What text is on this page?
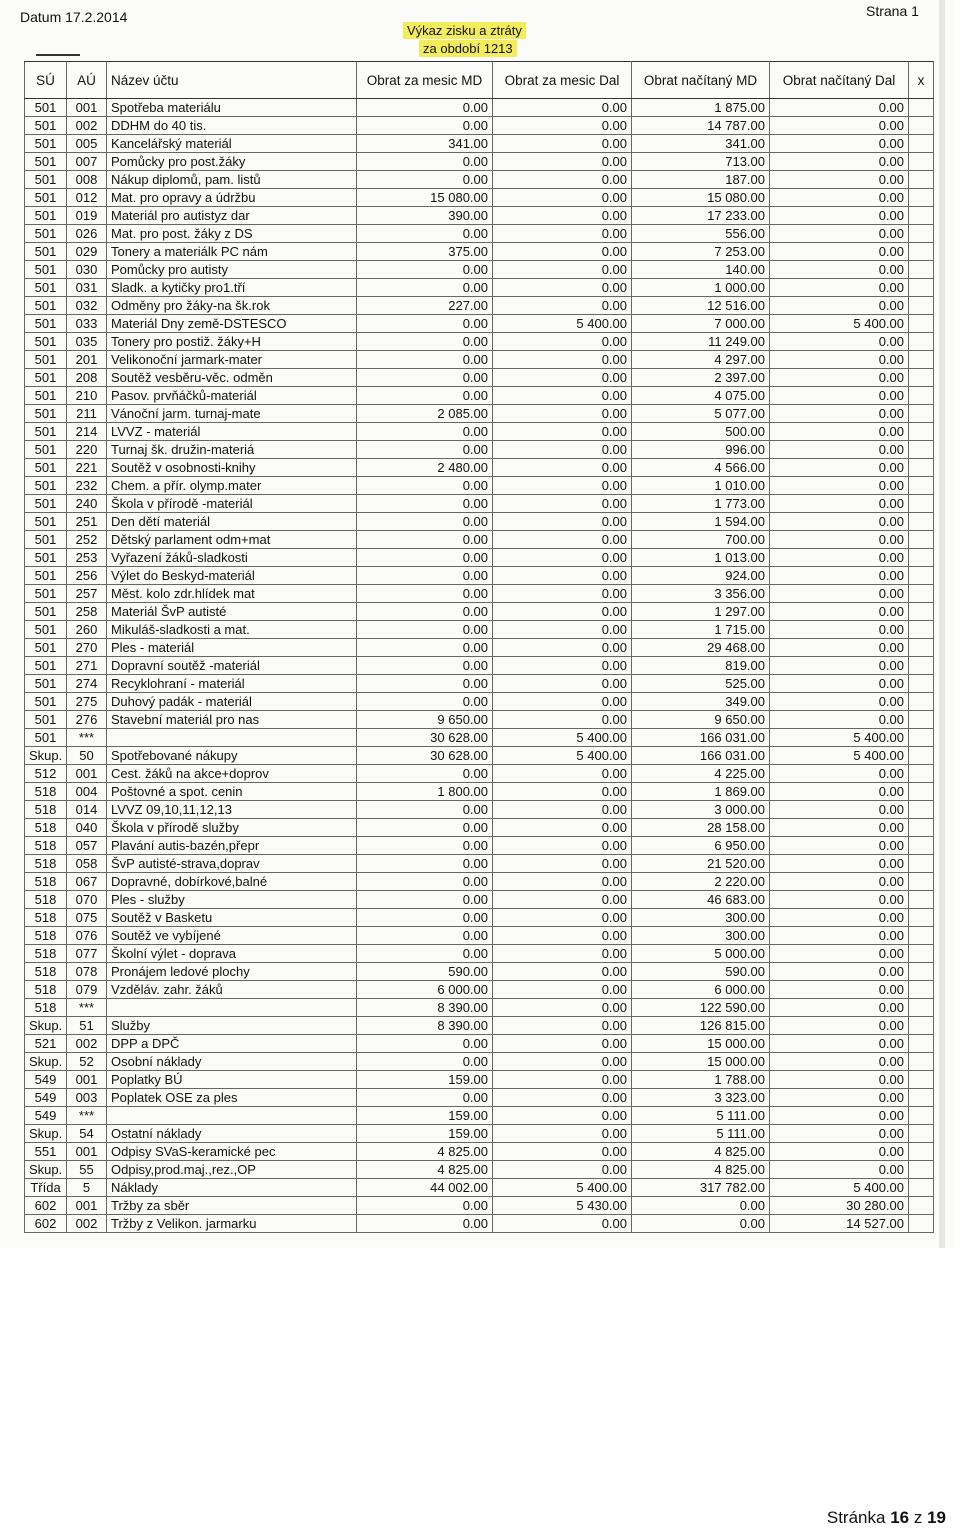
Datum 17.2.2014	Strana 1
Výkaz zisku a ztráty
za období 1213
SÚ	AÚ	Název účtu	Obrat za mesic MD	Obrat za mesic Dal	Obrat načítaný MD	Obrat načítaný Dal	x
501	001	Spotřeba materiálu	0.00	0.00	1 875.00	0.00	
501	002	DDHM do 40 tis.	0.00	0.00	14 787.00	0.00	
501	005	Kancelářský materiál	341.00	0.00	341.00	0.00	
501	007	Pomůcky pro post.žáky	0.00	0.00	713.00	0.00	
501	008	Nákup diplomů, pam. listů	0.00	0.00	187.00	0.00	
501	012	Mat. pro opravy a údržbu	15 080.00	0.00	15 080.00	0.00	
501	019	Materiál pro autistyz dar	390.00	0.00	17 233.00	0.00	
501	026	Mat. pro post. žáky z DS	0.00	0.00	556.00	0.00	
501	029	Tonery a materiálk PC nám	375.00	0.00	7 253.00	0.00	
501	030	Pomůcky pro autisty	0.00	0.00	140.00	0.00	
501	031	Sladk. a kytičky pro1.tří	0.00	0.00	1 000.00	0.00	
501	032	Odměny pro žáky-na šk.rok	227.00	0.00	12 516.00	0.00	
501	033	Materiál Dny země-DSTESCO	0.00	5 400.00	7 000.00	5 400.00	
501	035	Tonery pro postiž. žáky+H	0.00	0.00	11 249.00	0.00	
501	201	Velikonoční jarmark-mater	0.00	0.00	4 297.00	0.00	
501	208	Soutěž vesběru-věc. odměn	0.00	0.00	2 397.00	0.00	
501	210	Pasov. prvňáčků-materiál	0.00	0.00	4 075.00	0.00	
501	211	Vánoční jarm. turnaj-mate	2 085.00	0.00	5 077.00	0.00	
501	214	LVVZ - materiál	0.00	0.00	500.00	0.00	
501	220	Turnaj šk. družin-materiá	0.00	0.00	996.00	0.00	
501	221	Soutěž v osobnosti-knihy	2 480.00	0.00	4 566.00	0.00	
501	232	Chem. a přír. olymp.mater	0.00	0.00	1 010.00	0.00	
501	240	Škola v přírodě -materiál	0.00	0.00	1 773.00	0.00	
501	251	Den dětí materiál	0.00	0.00	1 594.00	0.00	
501	252	Dětský parlament odm+mat	0.00	0.00	700.00	0.00	
501	253	Vyřazení žáků-sladkosti	0.00	0.00	1 013.00	0.00	
501	256	Výlet do Beskyd-materiál	0.00	0.00	924.00	0.00	
501	257	Měst. kolo zdr.hlídek mat	0.00	0.00	3 356.00	0.00	
501	258	Materiál ŠvP autisté	0.00	0.00	1 297.00	0.00	
501	260	Mikuláš-sladkosti a mat.	0.00	0.00	1 715.00	0.00	
501	270	Ples - materiál	0.00	0.00	29 468.00	0.00	
501	271	Dopravní soutěž -materiál	0.00	0.00	819.00	0.00	
501	274	Recyklohraní - materiál	0.00	0.00	525.00	0.00	
501	275	Duhový padák - materiál	0.00	0.00	349.00	0.00	
501	276	Stavební materiál pro nas	9 650.00	0.00	9 650.00	0.00	
501	***		30 628.00	5 400.00	166 031.00	5 400.00	
Skup.	50	Spotřebované nákupy	30 628.00	5 400.00	166 031.00	5 400.00	
512	001	Cest. žáků na akce+doprov	0.00	0.00	4 225.00	0.00	
518	004	Poštovné a spot. cenin	1 800.00	0.00	1 869.00	0.00	
518	014	LVVZ 09,10,11,12,13	0.00	0.00	3 000.00	0.00	
518	040	Škola v přírodě služby	0.00	0.00	28 158.00	0.00	
518	057	Plavání autis-bazén,přepr	0.00	0.00	6 950.00	0.00	
518	058	ŠvP autisté-strava,doprav	0.00	0.00	21 520.00	0.00	
518	067	Dopravné, dobírkové,balné	0.00	0.00	2 220.00	0.00	
518	070	Ples - služby	0.00	0.00	46 683.00	0.00	
518	075	Soutěž v Basketu	0.00	0.00	300.00	0.00	
518	076	Soutěž ve vybíjené	0.00	0.00	300.00	0.00	
518	077	Školní výlet - doprava	0.00	0.00	5 000.00	0.00	
518	078	Pronájem ledové plochy	590.00	0.00	590.00	0.00	
518	079	Vzděláv. zahr. žáků	6 000.00	0.00	6 000.00	0.00	
518	***		8 390.00	0.00	122 590.00	0.00	
Skup.	51	Služby	8 390.00	0.00	126 815.00	0.00	
521	002	DPP a DPČ	0.00	0.00	15 000.00	0.00	
Skup.	52	Osobní náklady	0.00	0.00	15 000.00	0.00	
549	001	Poplatky BÚ	159.00	0.00	1 788.00	0.00	
549	003	Poplatek OSE za ples	0.00	0.00	3 323.00	0.00	
549	***		159.00	0.00	5 111.00	0.00	
Skup.	54	Ostatní náklady	159.00	0.00	5 111.00	0.00	
551	001	Odpisy SVaS-keramické pec	4 825.00	0.00	4 825.00	0.00	
Skup.	55	Odpisy,prod.maj.,rez.,OP	4 825.00	0.00	4 825.00	0.00	
Třída	5	Náklady	44 002.00	5 400.00	317 782.00	5 400.00	
602	001	Tržby za sběr	0.00	5 430.00	0.00	30 280.00	
602	002	Tržby z Velikon. jarmarku	0.00	0.00	0.00	14 527.00	
Stránka 16 z 19
